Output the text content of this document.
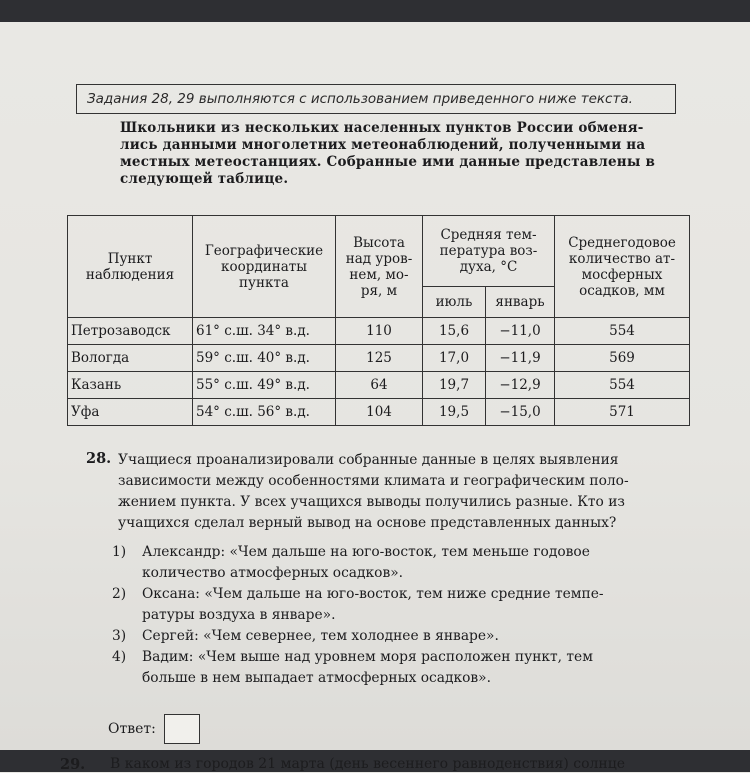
Задания 28, 29 выполняются с использованием приведенного ниже текста.

Школьники из нескольких населенных пунктов России обменя-

лись данными многолетних метеонаблюдений, полученными на

местных метеостанциях. Собранные ими данные представлены в

следующей таблице.

Пункт наблюдения	Географические координаты пункта	Высота над уров-нем, мо-ря, м	Средняя тем-пература воз-духа, °С		Среднегодовое количество ат-мосферных осадков, мм
			июль	январь	
Петрозаводск	61° с.ш. 34° в.д.	110	15,6	−11,0	554
Вологда	59° с.ш. 40° в.д.	125	17,0	−11,9	569
Казань	55° с.ш. 49° в.д.	64	19,7	−12,9	554
Уфа	54° с.ш. 56° в.д.	104	19,5	−15,0	571
28. Учащиеся проанализировали собранные данные в целях выявления

зависимости между особенностями климата и географическим поло-

жением пункта. У всех учащихся выводы получились разные. Кто из

учащихся сделал верный вывод на основе представленных данных?

1)	Александр: «Чем дальше на юго-восток, тем меньше годовое
количество атмосферных осадков».
2)	Оксана: «Чем дальше на юго-восток, тем ниже средние темпе-
ратуры воздуха в январе».
3)	Сергей: «Чем севернее, тем холоднее в январе».
4)	Вадим: «Чем выше над уровнем моря расположен пункт, тем
больше в нем выпадает атмосферных осадков».
Ответ:
29. В каком из городов 21 марта (день весеннего равноденствия) солнце
